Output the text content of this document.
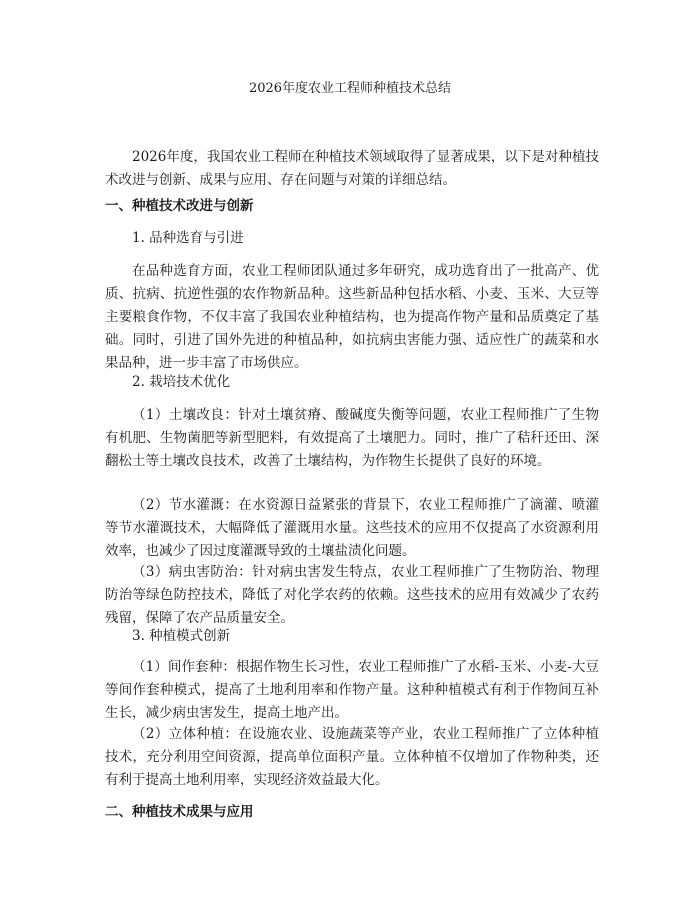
2026年度农业工程师种植技术总结

2026年度，我国农业工程师在种植技术领域取得了显著成果，以下是对种植技术改进与创新、成果与应用、存在问题与对策的详细总结。

一、种植技术改进与创新
1. 品种选育与引进

在品种选育方面，农业工程师团队通过多年研究，成功选育出了一批高产、优质、抗病、抗逆性强的农作物新品种。这些新品种包括水稻、小麦、玉米、大豆等主要粮食作物，不仅丰富了我国农业种植结构，也为提高作物产量和品质奠定了基础。同时，引进了国外先进的种植品种，如抗病虫害能力强、适应性广的蔬菜和水果品种，进一步丰富了市场供应。

2. 栽培技术优化

（1）土壤改良：针对土壤贫瘠、酸碱度失衡等问题，农业工程师推广了生物有机肥、生物菌肥等新型肥料，有效提高了土壤肥力。同时，推广了秸秆还田、深翻松土等土壤改良技术，改善了土壤结构，为作物生长提供了良好的环境。

（2）节水灌溉：在水资源日益紧张的背景下，农业工程师推广了滴灌、喷灌等节水灌溉技术，大幅降低了灌溉用水量。这些技术的应用不仅提高了水资源利用效率，也减少了因过度灌溉导致的土壤盐渍化问题。

（3）病虫害防治：针对病虫害发生特点，农业工程师推广了生物防治、物理防治等绿色防控技术，降低了对化学农药的依赖。这些技术的应用有效减少了农药残留，保障了农产品质量安全。

3. 种植模式创新

（1）间作套种：根据作物生长习性，农业工程师推广了水稻-玉米、小麦-大豆等间作套种模式，提高了土地利用率和作物产量。这种种植模式有利于作物间互补生长，减少病虫害发生，提高土地产出。

（2）立体种植：在设施农业、设施蔬菜等产业，农业工程师推广了立体种植技术，充分利用空间资源，提高单位面积产量。立体种植不仅增加了作物种类，还有利于提高土地利用率，实现经济效益最大化。

二、种植技术成果与应用
